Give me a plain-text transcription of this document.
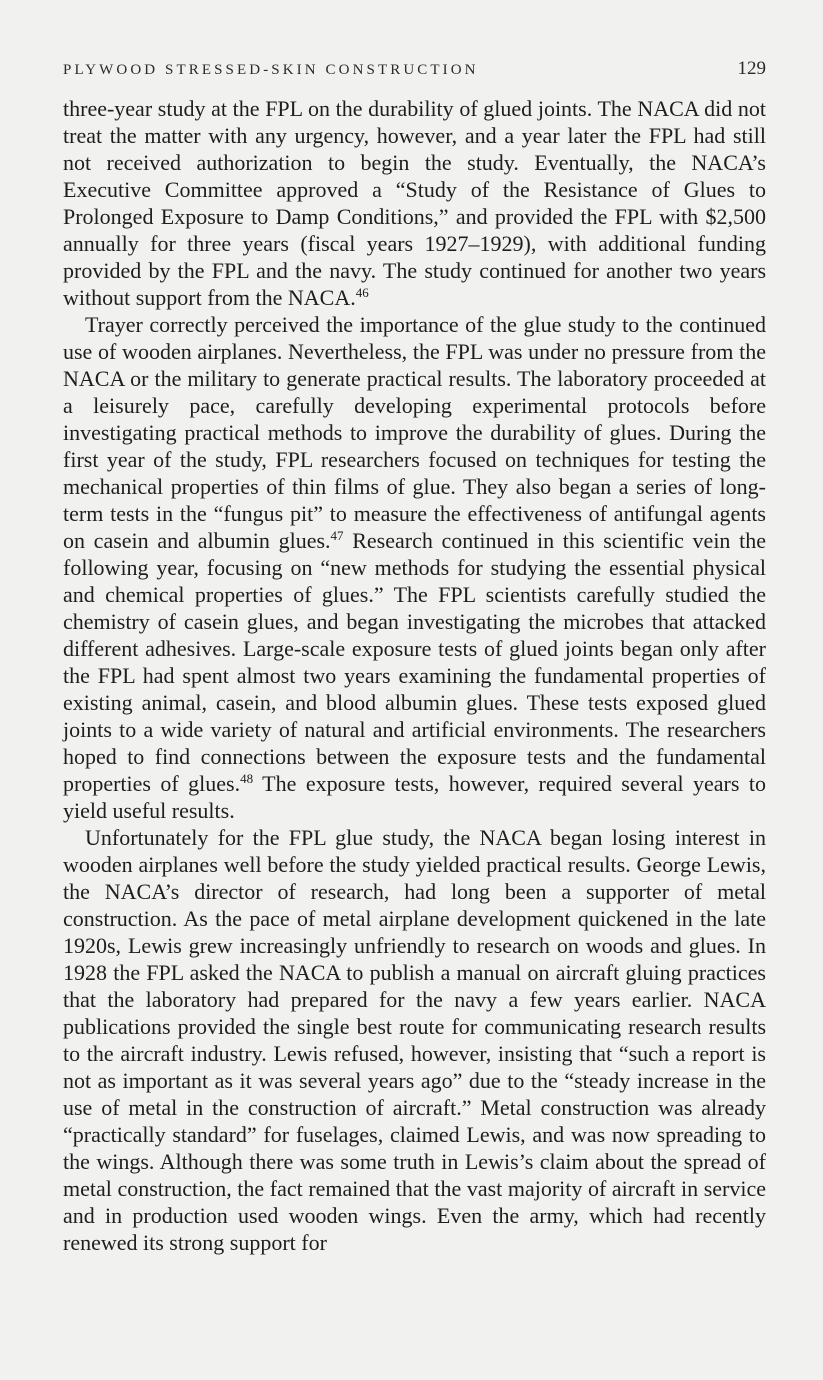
PLYWOOD STRESSED-SKIN CONSTRUCTION	129

three-year study at the FPL on the durability of glued joints. The NACA did not treat the matter with any urgency, however, and a year later the FPL had still not received authorization to begin the study. Eventually, the NACA’s Executive Committee approved a “Study of the Resistance of Glues to Prolonged Exposure to Damp Conditions,” and provided the FPL with $2,500 annually for three years (fiscal years 1927–1929), with additional funding provided by the FPL and the navy. The study continued for another two years without support from the NACA.$^{46}$

Trayer correctly perceived the importance of the glue study to the continued use of wooden airplanes. Nevertheless, the FPL was under no pressure from the NACA or the military to generate practical results. The laboratory proceeded at a leisurely pace, carefully developing experimental protocols before investigating practical methods to improve the durability of glues. During the first year of the study, FPL researchers focused on techniques for testing the mechanical properties of thin films of glue. They also began a series of long-term tests in the “fungus pit” to measure the effectiveness of antifungal agents on casein and albumin glues.$^{47}$ Research continued in this scientific vein the following year, focusing on “new methods for studying the essential physical and chemical properties of glues.” The FPL scientists carefully studied the chemistry of casein glues, and began investigating the microbes that attacked different adhesives. Large-scale exposure tests of glued joints began only after the FPL had spent almost two years examining the fundamental properties of existing animal, casein, and blood albumin glues. These tests exposed glued joints to a wide variety of natural and artificial environments. The researchers hoped to find connections between the exposure tests and the fundamental properties of glues.$^{48}$ The exposure tests, however, required several years to yield useful results.

Unfortunately for the FPL glue study, the NACA began losing interest in wooden airplanes well before the study yielded practical results. George Lewis, the NACA’s director of research, had long been a supporter of metal construction. As the pace of metal airplane development quickened in the late 1920s, Lewis grew increasingly unfriendly to research on woods and glues. In 1928 the FPL asked the NACA to publish a manual on aircraft gluing practices that the laboratory had prepared for the navy a few years earlier. NACA publications provided the single best route for communicating research results to the aircraft industry. Lewis refused, however, insisting that “such a report is not as important as it was several years ago” due to the “steady increase in the use of metal in the construction of aircraft.” Metal construction was already “practically standard” for fuselages, claimed Lewis, and was now spreading to the wings. Although there was some truth in Lewis’s claim about the spread of metal construction, the fact remained that the vast majority of aircraft in service and in production used wooden wings. Even the army, which had recently renewed its strong support for
